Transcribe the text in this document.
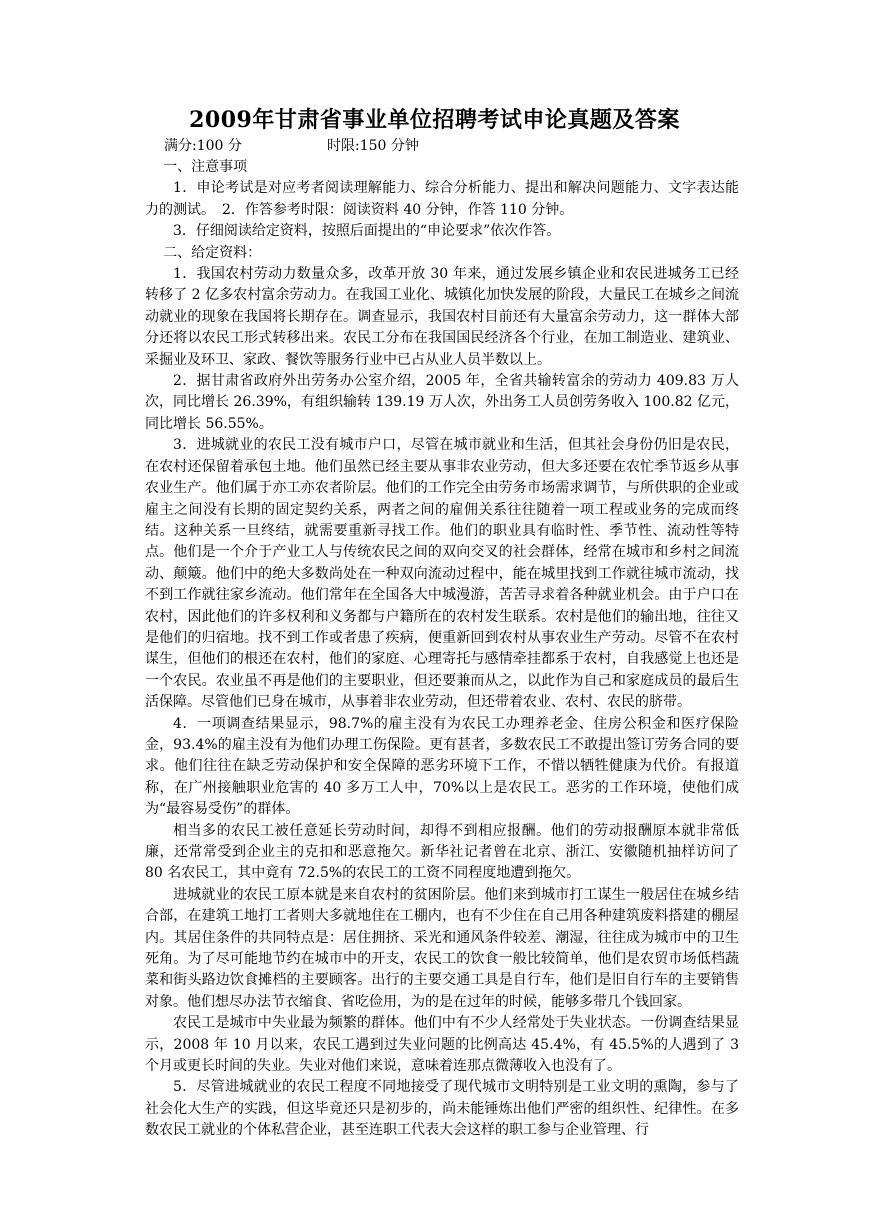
2009年甘肃省事业单位招聘考试申论真题及答案
满分:100 分	时限:150 分钟

一、注意事项

1．申论考试是对应考者阅读理解能力、综合分析能力、提出和解决问题能力、文字表达能力的测试。　2．作答参考时限：阅读资料 40 分钟，作答 110 分钟。

3．仔细阅读给定资料，按照后面提出的“申论要求”依次作答。

二、给定资料：

1．我国农村劳动力数量众多，改革开放 30 年来，通过发展乡镇企业和农民进城务工已经转移了 2 亿多农村富余劳动力。在我国工业化、城镇化加快发展的阶段，大量民工在城乡之间流动就业的现象在我国将长期存在。调查显示，我国农村目前还有大量富余劳动力，这一群体大部分还将以农民工形式转移出来。农民工分布在我国国民经济各个行业，在加工制造业、建筑业、采掘业及环卫、家政、餐饮等服务行业中已占从业人员半数以上。

2．据甘肃省政府外出劳务办公室介绍，2005 年，全省共输转富余的劳动力 409.83 万人次，同比增长 26.39%，有组织输转 139.19 万人次，外出务工人员创劳务收入 100.82 亿元，同比增长 56.55%。

3．进城就业的农民工没有城市户口，尽管在城市就业和生活，但其社会身份仍旧是农民，在农村还保留着承包土地。他们虽然已经主要从事非农业劳动，但大多还要在农忙季节返乡从事农业生产。他们属于亦工亦农者阶层。他们的工作完全由劳务市场需求调节，与所供职的企业或雇主之间没有长期的固定契约关系，两者之间的雇佣关系往往随着一项工程或业务的完成而终结。这种关系一旦终结，就需要重新寻找工作。他们的职业具有临时性、季节性、流动性等特点。他们是一个介于产业工人与传统农民之间的双向交叉的社会群体，经常在城市和乡村之间流动、颠簸。他们中的绝大多数尚处在一种双向流动过程中，能在城里找到工作就往城市流动，找不到工作就往家乡流动。他们常年在全国各大中城漫游，苦苦寻求着各种就业机会。由于户口在农村，因此他们的许多权利和义务都与户籍所在的农村发生联系。农村是他们的输出地，往往又是他们的归宿地。找不到工作或者患了疾病，便重新回到农村从事农业生产劳动。尽管不在农村谋生，但他们的根还在农村，他们的家庭、心理寄托与感情牵挂都系于农村，自我感觉上也还是一个农民。农业虽不再是他们的主要职业，但还要兼而从之，以此作为自己和家庭成员的最后生活保障。尽管他们已身在城市，从事着非农业劳动，但还带着农业、农村、农民的脐带。

4．一项调查结果显示，98.7%的雇主没有为农民工办理养老金、住房公积金和医疗保险金，93.4%的雇主没有为他们办理工伤保险。更有甚者，多数农民工不敢提出签订劳务合同的要求。他们往往在缺乏劳动保护和安全保障的恶劣环境下工作，不惜以牺牲健康为代价。有报道称，在广州接触职业危害的 40 多万工人中，70%以上是农民工。恶劣的工作环境，使他们成为“最容易受伤”的群体。

相当多的农民工被任意延长劳动时间，却得不到相应报酬。他们的劳动报酬原本就非常低廉，还常常受到企业主的克扣和恶意拖欠。新华社记者曾在北京、浙江、安徽随机抽样访问了 80 名农民工，其中竟有 72.5%的农民工的工资不同程度地遭到拖欠。

进城就业的农民工原本就是来自农村的贫困阶层。他们来到城市打工谋生一般居住在城乡结合部，在建筑工地打工者则大多就地住在工棚内，也有不少住在自己用各种建筑废料搭建的棚屋内。其居住条件的共同特点是：居住拥挤、采光和通风条件较差、潮湿，往往成为城市中的卫生死角。为了尽可能地节约在城市中的开支，农民工的饮食一般比较简单，他们是农贸市场低档蔬菜和街头路边饮食摊档的主要顾客。出行的主要交通工具是自行车，他们是旧自行车的主要销售对象。他们想尽办法节衣缩食、省吃俭用，为的是在过年的时候，能够多带几个钱回家。

农民工是城市中失业最为频繁的群体。他们中有不少人经常处于失业状态。一份调查结果显示，2008 年 10 月以来，农民工遇到过失业问题的比例高达 45.4%，有 45.5%的人遇到了 3 个月或更长时间的失业。失业对他们来说，意味着连那点微薄收入也没有了。

5．尽管进城就业的农民工程度不同地接受了现代城市文明特别是工业文明的熏陶，参与了社会化大生产的实践，但这毕竟还只是初步的，尚未能锤炼出他们严密的组织性、纪律性。在多数农民工就业的个体私营企业，甚至连职工代表大会这样的职工参与企业管理、行
